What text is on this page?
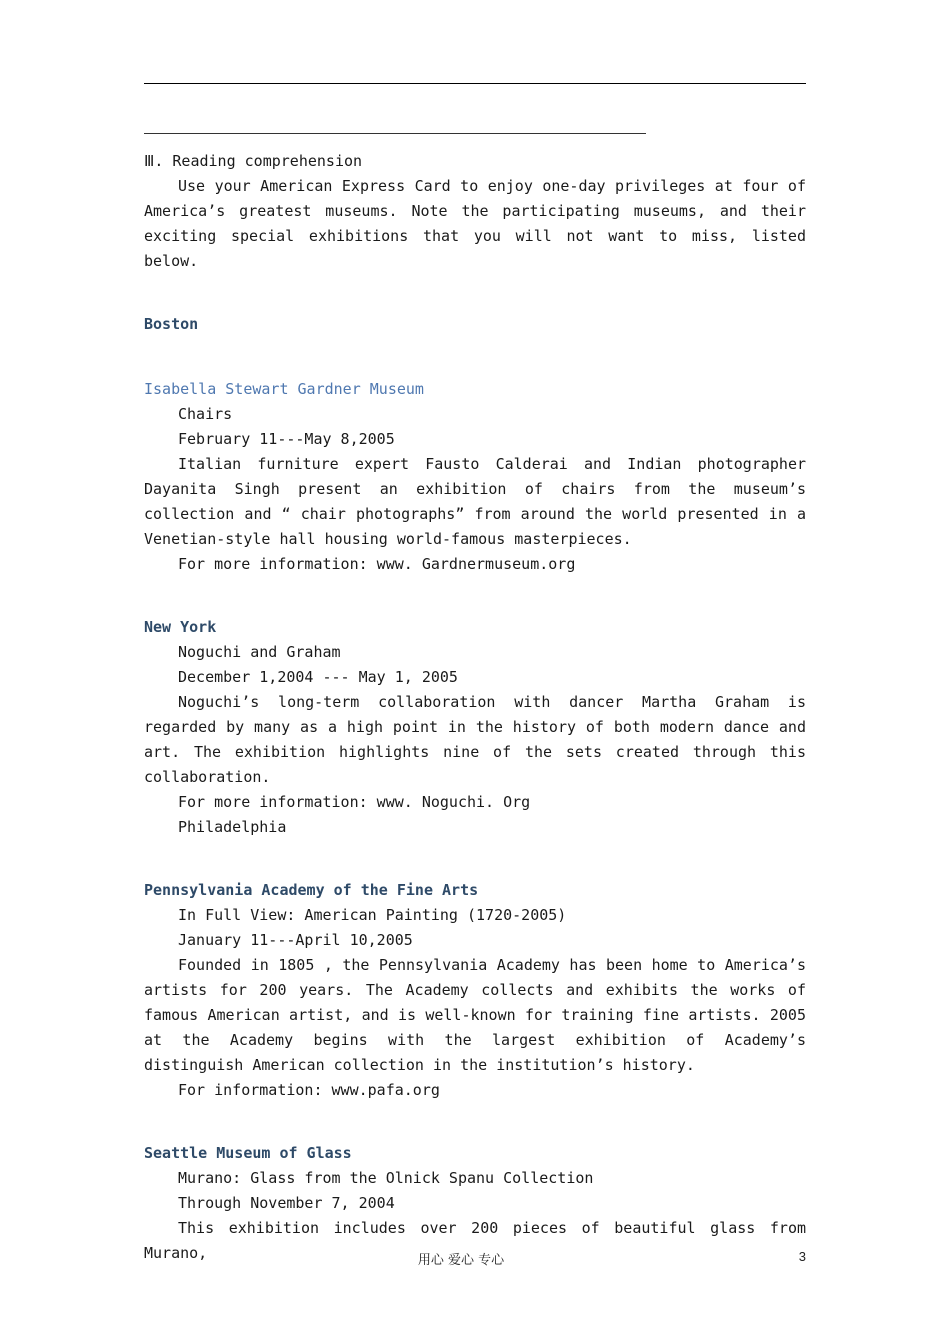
Ⅲ. Reading comprehension
Use your American Express Card to enjoy one-day privileges at four of America’s greatest museums. Note the participating museums, and their exciting special exhibitions that you will not want to miss, listed below.
Boston
Isabella Stewart Gardner Museum
Chairs
February 11---May 8,2005
Italian furniture expert Fausto Calderai and Indian photographer Dayanita Singh present an exhibition of chairs from the museum’s collection and “ chair photographs” from around the world presented in a Venetian-style hall housing world-famous masterpieces.
For more information: www. Gardnermuseum.org
New York
Noguchi and Graham
December 1,2004 --- May 1, 2005
Noguchi’s long-term collaboration with dancer Martha Graham is regarded by many as a high point in the history of both modern dance and art. The exhibition highlights nine of the sets created through this collaboration.
For more information: www. Noguchi. Org
Philadelphia
Pennsylvania Academy of the Fine Arts
In Full View: American Painting (1720-2005)
January 11---April 10,2005
Founded in 1805 , the Pennsylvania Academy has been home to America’s artists for 200 years. The Academy collects and exhibits the works of famous American artist, and is well-known for training fine artists. 2005 at the Academy begins with the largest exhibition of Academy’s distinguish American collection in the institution’s history.
For information: www.pafa.org
Seattle Museum of Glass
Murano: Glass from the Olnick Spanu Collection
Through November 7, 2004
This exhibition includes over 200 pieces of beautiful glass from Murano,	用心 爱心 专心	3
